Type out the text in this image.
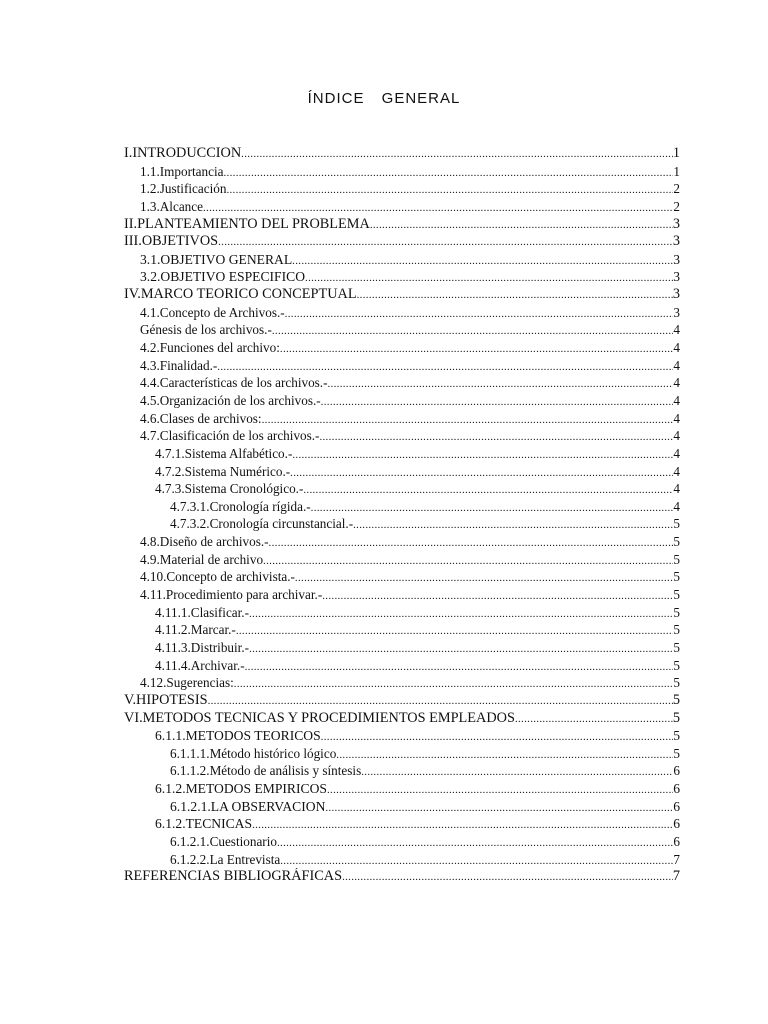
ÍNDICE GENERAL
I.INTRODUCCION .....	1
1.1.Importancia .....	1
1.2.Justificación .....	2
1.3.Alcance .....	2
II.PLANTEAMIENTO DEL PROBLEMA .....	3
III.OBJETIVOS .....	3
3.1.OBJETIVO GENERAL .....	3
3.2.OBJETIVO ESPECIFICO .....	3
IV.MARCO TEORICO CONCEPTUAL .....	3
4.1.Concepto de Archivos.- .....	3
Génesis de los archivos.- .....	4
4.2.Funciones del archivo: .....	4
4.3.Finalidad.- .....	4
4.4.Características de los archivos.- .....	4
4.5.Organización de los archivos.- .....	4
4.6.Clases de archivos: .....	4
4.7.Clasificación de los archivos.- .....	4
4.7.1.Sistema Alfabético.- .....	4
4.7.2.Sistema Numérico.- .....	4
4.7.3.Sistema Cronológico.- .....	4
4.7.3.1.Cronología rígida.- .....	4
4.7.3.2.Cronología circunstancial.- .....	5
4.8.Diseño de archivos.- .....	5
4.9.Material de archivo .....	5
4.10.Concepto de archivista.- .....	5
4.11.Procedimiento para archivar.- .....	5
4.11.1.Clasificar.- .....	5
4.11.2.Marcar.- .....	5
4.11.3.Distribuir.- .....	5
4.11.4.Archivar.- .....	5
4.12.Sugerencias: .....	5
V.HIPOTESIS .....	5
VI.METODOS TECNICAS Y PROCEDIMIENTOS EMPLEADOS .....	5
6.1.1.METODOS TEORICOS .....	5
6.1.1.1.Método histórico lógico .....	5
6.1.1.2.Método de análisis y síntesis .....	6
6.1.2.METODOS EMPIRICOS .....	6
6.1.2.1.LA OBSERVACION .....	6
6.1.2.TECNICAS .....	6
6.1.2.1.Cuestionario .....	6
6.1.2.2.La Entrevista .....	7
REFERENCIAS BIBLIOGRÁFICAS .....	7
